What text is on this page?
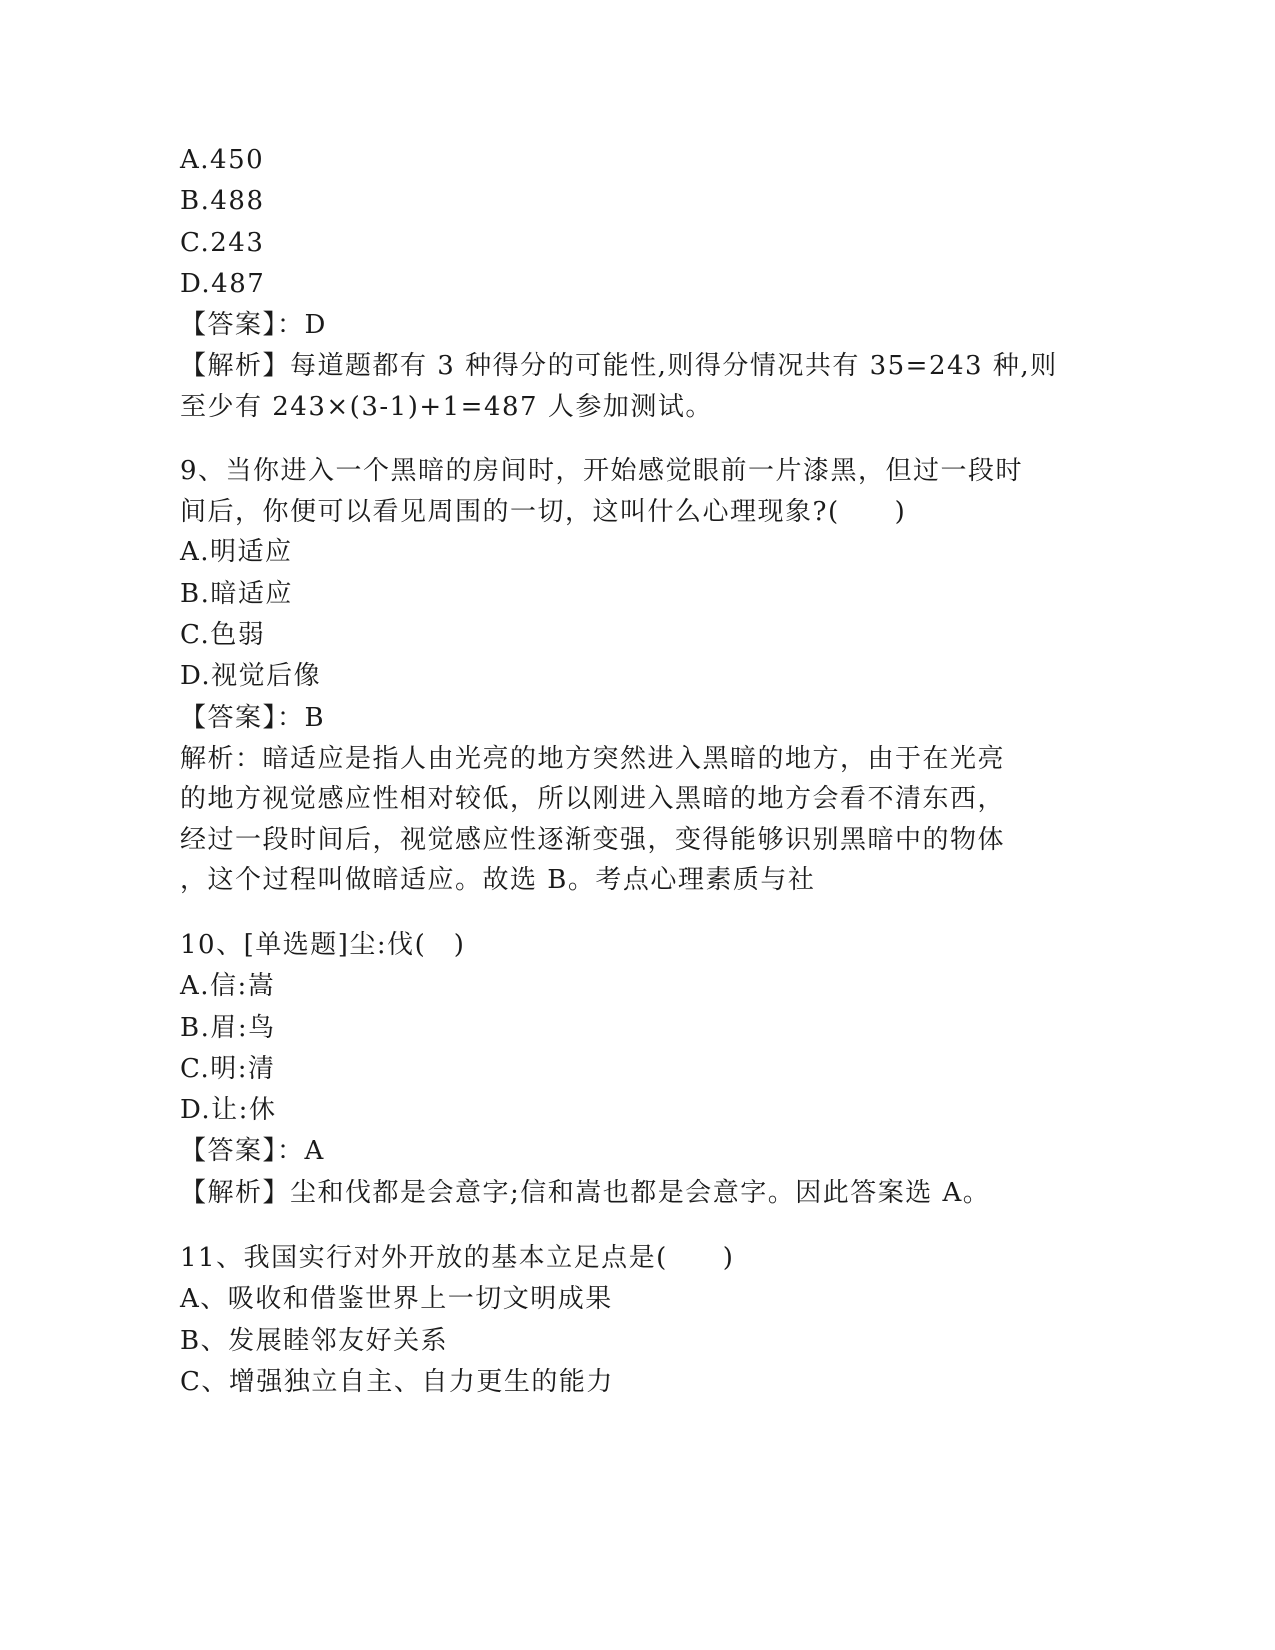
A.450
B.488
C.243
D.487
【答案】：D
【解析】每道题都有 3 种得分的可能性,则得分情况共有 35=243 种,则
至少有 243×(3-1)+1=487 人参加测试。
9、当你进入一个黑暗的房间时，开始感觉眼前一片漆黑，但过一段时
间后，你便可以看见周围的一切，这叫什么心理现象?(　　)
A.明适应
B.暗适应
C.色弱
D.视觉后像
【答案】：B
解析：暗适应是指人由光亮的地方突然进入黑暗的地方，由于在光亮
的地方视觉感应性相对较低，所以刚进入黑暗的地方会看不清东西，
经过一段时间后，视觉感应性逐渐变强，变得能够识别黑暗中的物体
，这个过程叫做暗适应。故选 B。考点心理素质与社
10、[单选题]尘:伐(　)
A.信:嵩
B.眉:鸟
C.明:清
D.让:休
【答案】：A
【解析】尘和伐都是会意字;信和嵩也都是会意字。因此答案选 A。
11、我国实行对外开放的基本立足点是(　　)
A、吸收和借鉴世界上一切文明成果
B、发展睦邻友好关系
C、增强独立自主、自力更生的能力
